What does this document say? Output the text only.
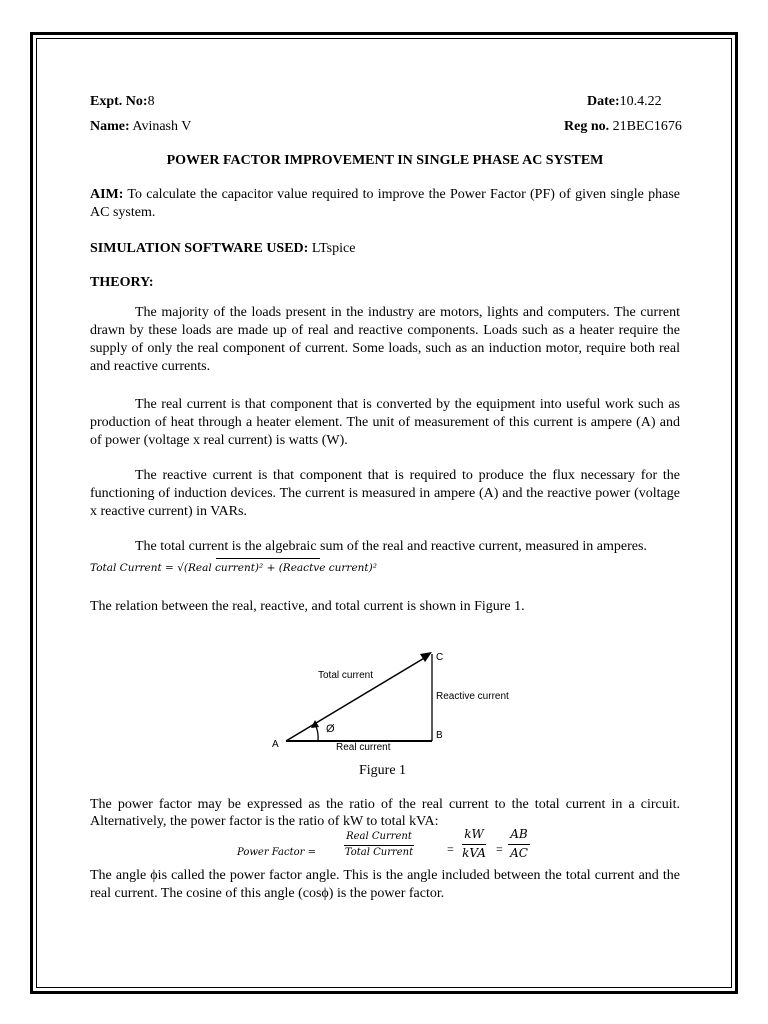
Expt. No:8	Date:10.4.22
Name: Avinash V	Reg no. 21BEC1676
POWER FACTOR IMPROVEMENT IN SINGLE PHASE AC SYSTEM
AIM: To calculate the capacitor value required to improve the Power Factor (PF) of given single phase AC system.
SIMULATION SOFTWARE USED: LTspice
THEORY:
The majority of the loads present in the industry are motors, lights and computers. The current drawn by these loads are made up of real and reactive components. Loads such as a heater require the supply of only the real component of current. Some loads, such as an induction motor, require both real and reactive currents.
The real current is that component that is converted by the equipment into useful work such as production of heat through a heater element. The unit of measurement of this current is ampere (A) and of power (voltage x real current) is watts (W).
The reactive current is that component that is required to produce the flux necessary for the functioning of induction devices. The current is measured in ampere (A) and the reactive power (voltage x reactive current) in VARs.
The total current is the algebraic sum of the real and reactive current, measured in amperes.
Total Current = √(Real current)² + (Reactve current)²
The relation between the real, reactive, and total current is shown in Figure 1.
Total current
Reactive current
Real current
Ø
A
B
C
Figure 1
The power factor may be expressed as the ratio of the real current to the total current in a circuit. Alternatively, the power factor is the ratio of kW to total kVA:
Power Factor =
Real Current
Total Current	=
kW
kVA = $\frac{AB}{AC}$
The angle ϕis called the power factor angle. This is the angle included between the total current and the real current. The cosine of this angle (cosϕ) is the power factor.
